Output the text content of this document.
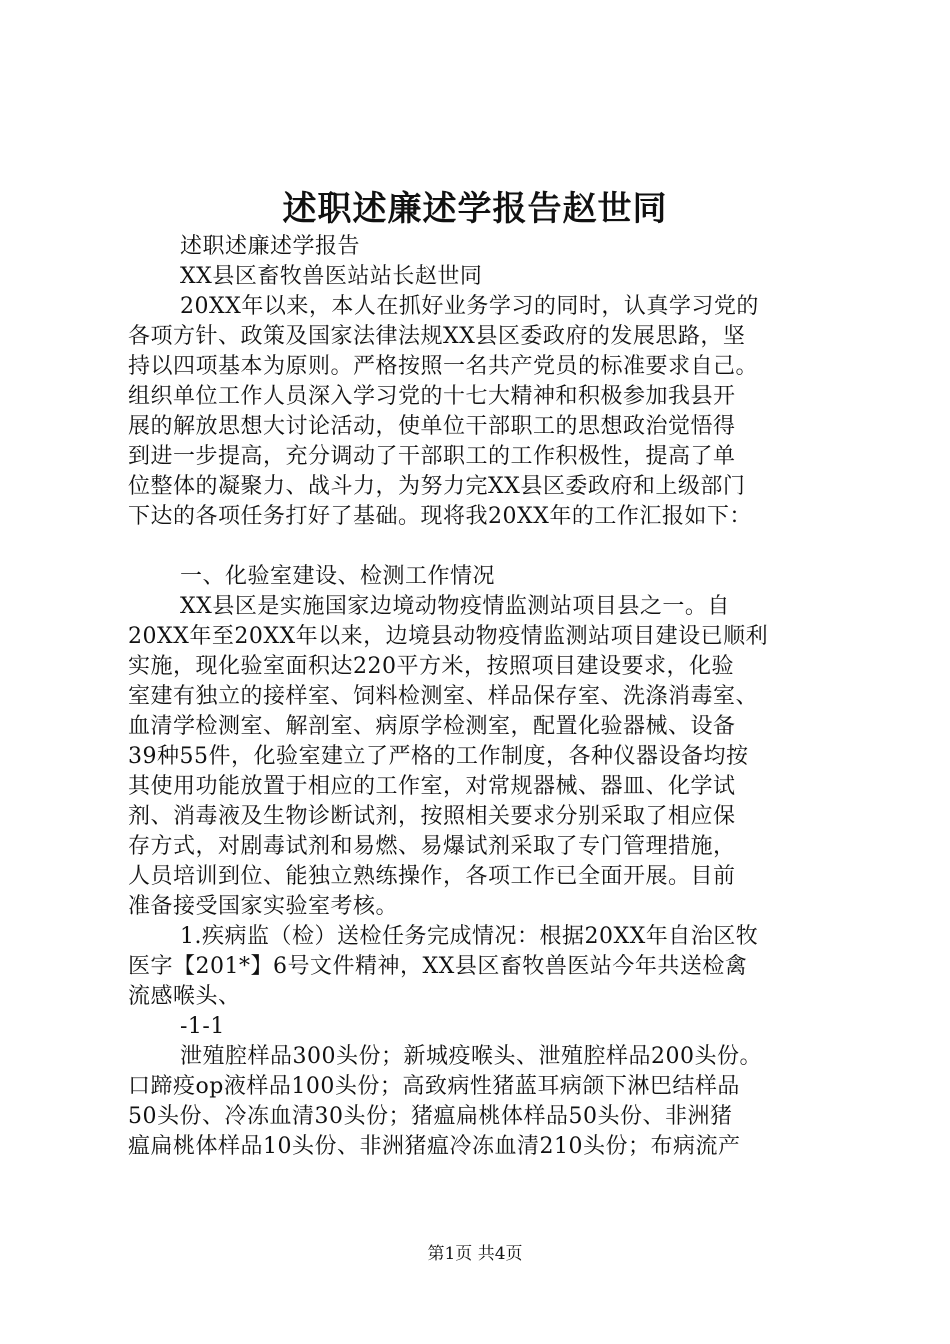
述职述廉述学报告赵世同
述职述廉述学报告
XX县区畜牧兽医站站长赵世同
20XX年以来，本人在抓好业务学习的同时，认真学习党的
各项方针、政策及国家法律法规XX县区委政府的发展思路，坚
持以四项基本为原则。严格按照一名共产党员的标准要求自己。
组织单位工作人员深入学习党的十七大精神和积极参加我县开
展的解放思想大讨论活动，使单位干部职工的思想政治觉悟得
到进一步提高，充分调动了干部职工的工作积极性，提高了单
位整体的凝聚力、战斗力，为努力完XX县区委政府和上级部门
下达的各项任务打好了基础。现将我20XX年的工作汇报如下：
一、化验室建设、检测工作情况
XX县区是实施国家边境动物疫情监测站项目县之一。自
20XX年至20XX年以来，边境县动物疫情监测站项目建设已顺利
实施，现化验室面积达220平方米，按照项目建设要求，化验
室建有独立的接样室、饲料检测室、样品保存室、洗涤消毒室、
血清学检测室、解剖室、病原学检测室，配置化验器械、设备
39种55件，化验室建立了严格的工作制度，各种仪器设备均按
其使用功能放置于相应的工作室，对常规器械、器皿、化学试
剂、消毒液及生物诊断试剂，按照相关要求分别采取了相应保
存方式，对剧毒试剂和易燃、易爆试剂采取了专门管理措施，
人员培训到位、能独立熟练操作，各项工作已全面开展。目前
准备接受国家实验室考核。
1.疾病监（检）送检任务完成情况：根据20XX年自治区牧
医字【201*】6号文件精神，XX县区畜牧兽医站今年共送检禽
流感喉头、
-1-1
泄殖腔样品300头份；新城疫喉头、泄殖腔样品200头份。
口蹄疫op液样品100头份；高致病性猪蓝耳病颌下淋巴结样品
50头份、冷冻血清30头份；猪瘟扁桃体样品50头份、非洲猪
瘟扁桃体样品10头份、非洲猪瘟冷冻血清210头份；布病流产
第1页 共4页
